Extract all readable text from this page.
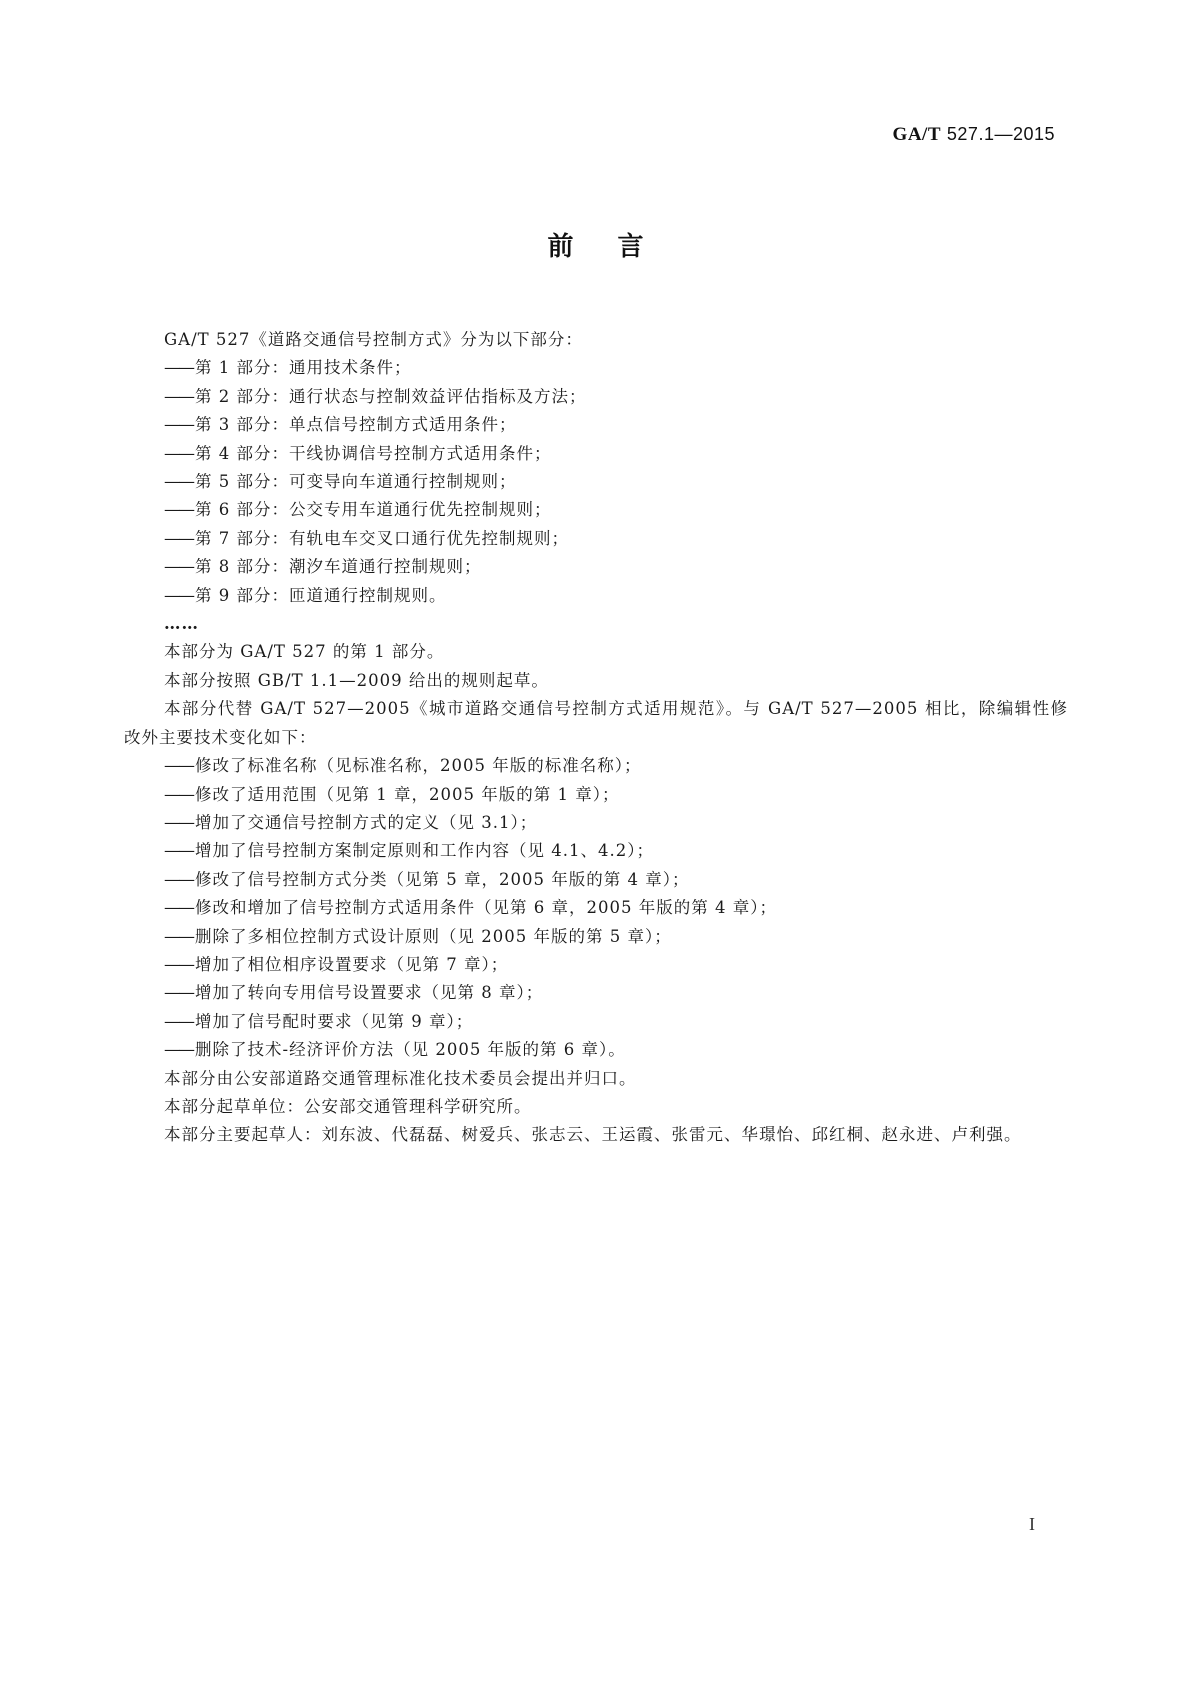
GA/T 527.1—2015
前言

GA/T 527《道路交通信号控制方式》分为以下部分：

—— 第 1 部分：通用技术条件；

—— 第 2 部分：通行状态与控制效益评估指标及方法；

—— 第 3 部分：单点信号控制方式适用条件；

—— 第 4 部分：干线协调信号控制方式适用条件；

—— 第 5 部分：可变导向车道通行控制规则；

—— 第 6 部分：公交专用车道通行优先控制规则；

—— 第 7 部分：有轨电车交叉口通行优先控制规则；

—— 第 8 部分：潮汐车道通行控制规则；

—— 第 9 部分：匝道通行控制规则。

……

本部分为 GA/T 527 的第 1 部分。

本部分按照 GB/T 1.1—2009 给出的规则起草。

本部分代替 GA/T 527—2005《城市道路交通信号控制方式适用规范》。与 GA/T 527—2005 相比，除编辑性修改外主要技术变化如下：

—— 修改了标准名称（见标准名称，2005 年版的标准名称）；

—— 修改了适用范围（见第 1 章，2005 年版的第 1 章）；

—— 增加了交通信号控制方式的定义（见 3.1）；

—— 增加了信号控制方案制定原则和工作内容（见 4.1、4.2）；

—— 修改了信号控制方式分类（见第 5 章，2005 年版的第 4 章）；

—— 修改和增加了信号控制方式适用条件（见第 6 章，2005 年版的第 4 章）；

—— 删除了多相位控制方式设计原则（见 2005 年版的第 5 章）；

—— 增加了相位相序设置要求（见第 7 章）；

—— 增加了转向专用信号设置要求（见第 8 章）；

—— 增加了信号配时要求（见第 9 章）；

—— 删除了技术-经济评价方法（见 2005 年版的第 6 章）。

本部分由公安部道路交通管理标准化技术委员会提出并归口。

本部分起草单位：公安部交通管理科学研究所。

本部分主要起草人：刘东波、代磊磊、树爱兵、张志云、王运霞、张雷元、华璟怡、邱红桐、赵永进、卢利强。

I
